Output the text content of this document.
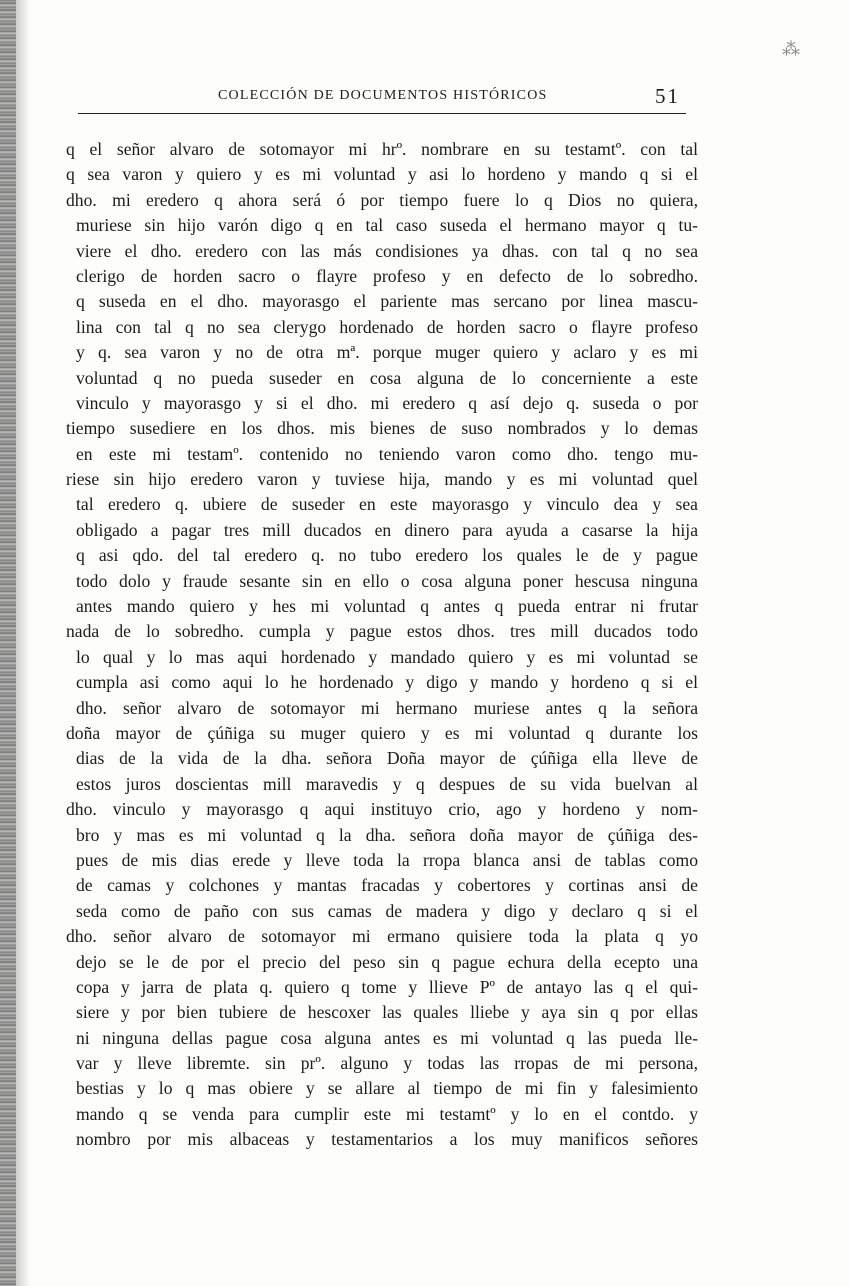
⁂
COLECCIÓN DE DOCUMENTOS HISTÓRICOS	51
q el señor alvaro de sotomayor mi hrº. nombrare en su testamtº. con tal
q sea varon y quiero y es mi voluntad y asi lo hordeno y mando q si el
dho. mi eredero q ahora será ó por tiempo fuere lo q Dios no quiera,
muriese sin hijo varón digo q en tal caso suseda el hermano mayor q tu-
viere el dho. eredero con las más condisiones ya dhas. con tal q no sea
clerigo de horden sacro o flayre profeso y en defecto de lo sobredho.
q suseda en el dho. mayorasgo el pariente mas sercano por linea mascu-
lina con tal q no sea clerygo hordenado de horden sacro o flayre profeso
y q. sea varon y no de otra mª. porque muger quiero y aclaro y es mi
voluntad q no pueda suseder en cosa alguna de lo concerniente a este
vinculo y mayorasgo y si el dho. mi eredero q así dejo q. suseda o por
tiempo susediere en los dhos. mis bienes de suso nombrados y lo demas
en este mi testamº. contenido no teniendo varon como dho. tengo mu-
riese sin hijo eredero varon y tuviese hija, mando y es mi voluntad quel
tal eredero q. ubiere de suseder en este mayorasgo y vinculo dea y sea
obligado a pagar tres mill ducados en dinero para ayuda a casarse la hija
q asi qdo. del tal eredero q. no tubo eredero los quales le de y pague
todo dolo y fraude sesante sin en ello o cosa alguna poner hescusa ninguna
antes mando quiero y hes mi voluntad q antes q pueda entrar ni frutar
nada de lo sobredho. cumpla y pague estos dhos. tres mill ducados todo
lo qual y lo mas aqui hordenado y mandado quiero y es mi voluntad se
cumpla asi como aqui lo he hordenado y digo y mando y hordeno q si el
dho. señor alvaro de sotomayor mi hermano muriese antes q la señora
doña mayor de çúñiga su muger quiero y es mi voluntad q durante los
dias de la vida de la dha. señora Doña mayor de çúñiga ella lleve de
estos juros doscientas mill maravedis y q despues de su vida buelvan al
dho. vinculo y mayorasgo q aqui instituyo crio, ago y hordeno y nom-
bro y mas es mi voluntad q la dha. señora doña mayor de çúñiga des-
pues de mis dias erede y lleve toda la rropa blanca ansi de tablas como
de camas y colchones y mantas fracadas y cobertores y cortinas ansi de
seda como de paño con sus camas de madera y digo y declaro q si el
dho. señor alvaro de sotomayor mi ermano quisiere toda la plata q yo
dejo se le de por el precio del peso sin q pague echura della ecepto una
copa y jarra de plata q. quiero q tome y llieve Pº de antayo las q el qui-
siere y por bien tubiere de hescoxer las quales lliebe y aya sin q por ellas
ni ninguna dellas pague cosa alguna antes es mi voluntad q las pueda lle-
var y lleve libremte. sin prº. alguno y todas las rropas de mi persona,
bestias y lo q mas obiere y se allare al tiempo de mi fin y falesimiento
mando q se venda para cumplir este mi testamtº y lo en el contdo. y
nombro por mis albaceas y testamentarios a los muy manificos señores
